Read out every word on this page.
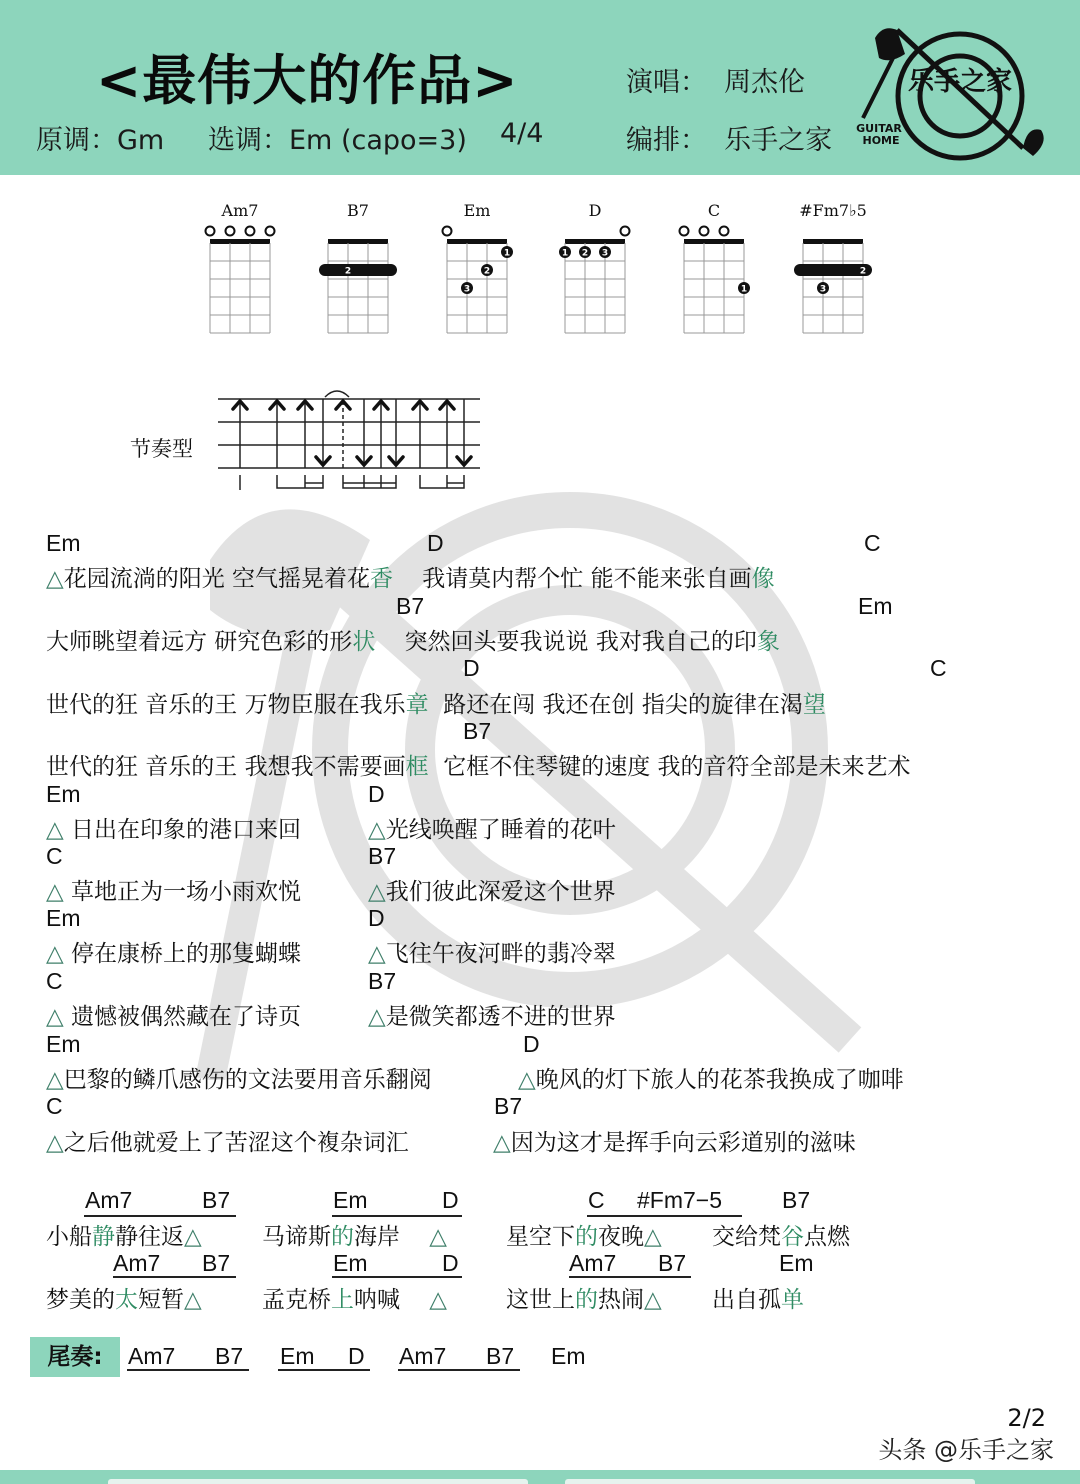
<最伟大的作品>
原调：Gm 选调：Em (capo=3) 4/4
演唱：  周杰伦
编排：  乐手之家
乐手之家
GUITAR
HOME
Am7	B7
2
Em
1
2
3
D
1 2 3
C
1
#Fm7♭5
2
3
节奏型
Em	D	C
△花园流淌的阳光 空气摇晃着花香    我请莫内帮个忙 能不能来张自画像
B7	Em
大师眺望着远方 研究色彩的形状    突然回头要我说说 我对我自己的印象
D	C
世代的狂 音乐的王 万物臣服在我乐章  路还在闯 我还在创 指尖的旋律在渴望
B7
世代的狂 音乐的王 我想我不需要画框  它框不住琴键的速度 我的音符全部是未来艺术
Em	D
△ 日出在印象的港口来回	△光线唤醒了睡着的花叶
C	B7
△ 草地正为一场小雨欢悦	△我们彼此深爱这个世界
Em	D
△ 停在康桥上的那隻蝴蝶	△飞往午夜河畔的翡冷翠
C	B7
△ 遗憾被偶然藏在了诗页	△是微笑都透不进的世界
Em	D
△巴黎的鳞爪感伤的文法要用音乐翻阅	△晚风的灯下旅人的花茶我换成了咖啡
C	B7
△之后他就爱上了苦涩这个複杂词汇	△因为这才是挥手向云彩道别的滋味
Am7	B7	Em	D	C #Fm7−5	B7
小船静静往返△	马谛斯的海岸    △	星空下的夜晚△ 交给梵谷点燃
Am7 B7	Em	D	Am7 B7	Em
梦美的太短暂△	孟克桥上呐喊    △	这世上的热闹△ 出自孤单
尾奏:	Am7 B7 Em D Am7 B7 Em
2/2
头条 @乐手之家
